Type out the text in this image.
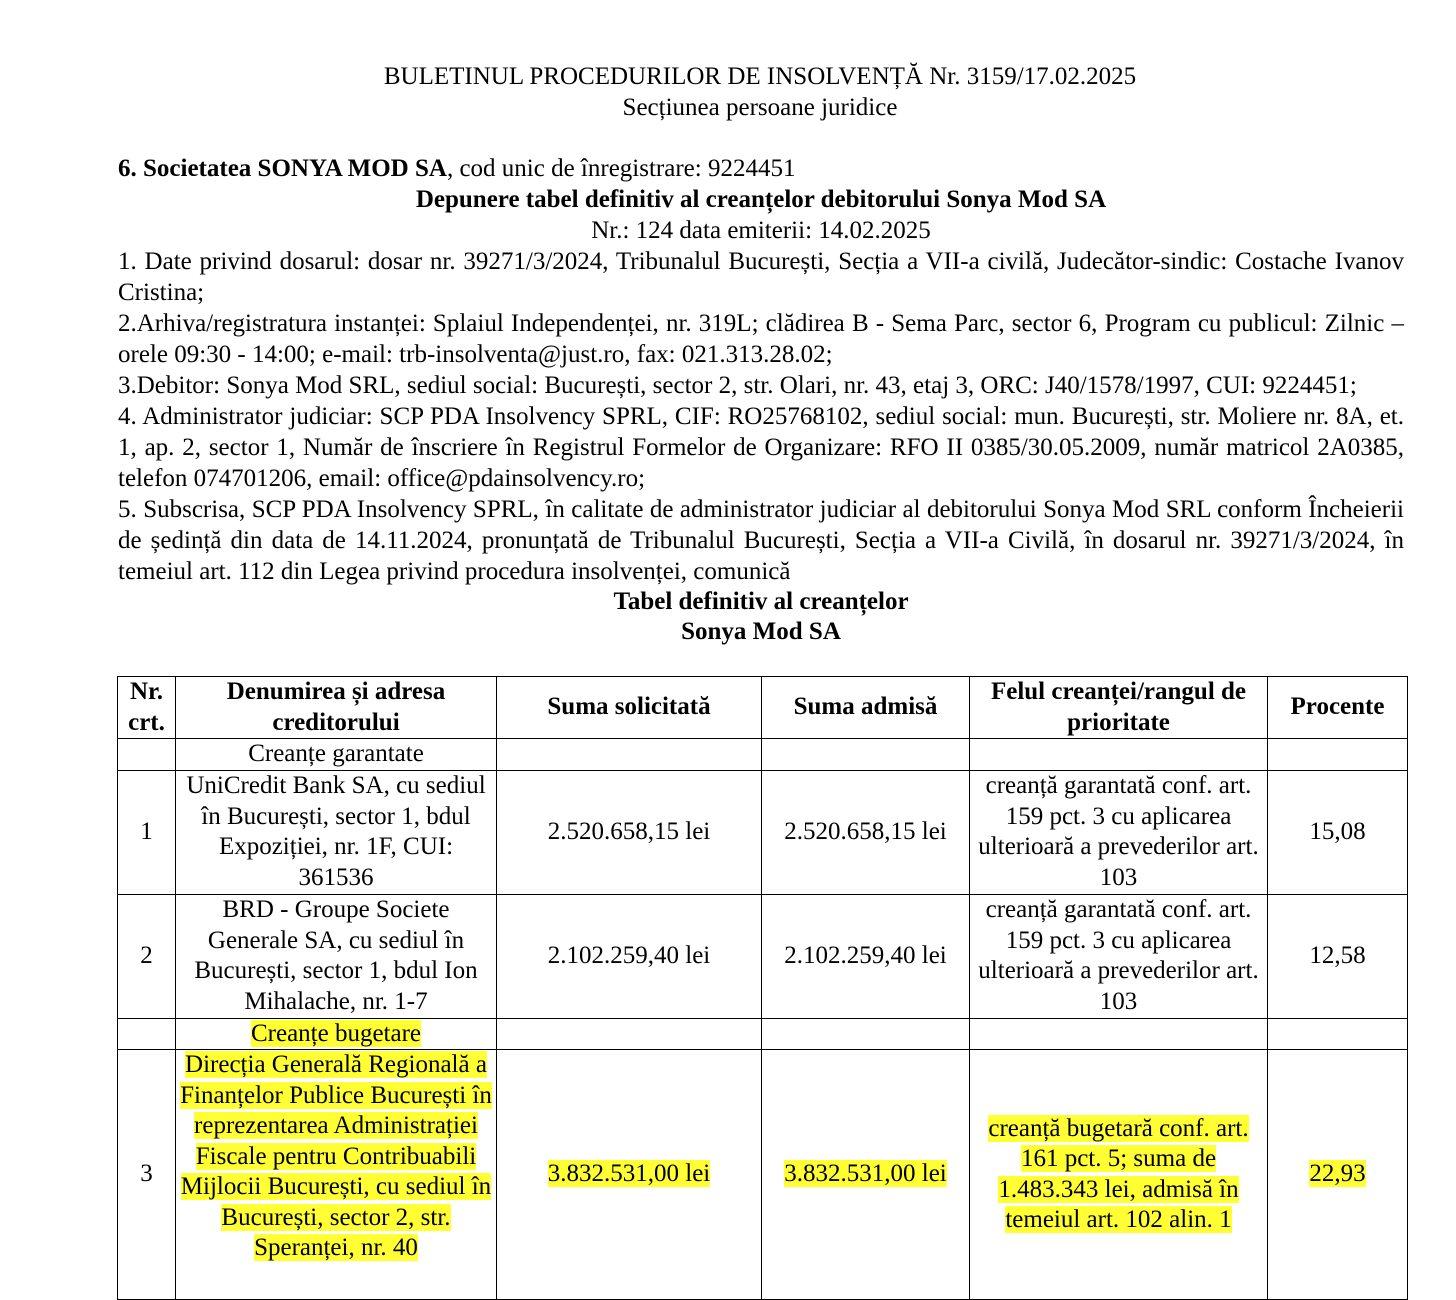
BULETINUL PROCEDURILOR DE INSOLVENȚĂ Nr. 3159/17.02.2025
Secțiunea persoane juridice

6. Societatea SONYA MOD SA, cod unic de înregistrare: 9224451

Depunere tabel definitiv al creanțelor debitorului Sonya Mod SA

Nr.: 124 data emiterii: 14.02.2025

1. Date privind dosarul: dosar nr. 39271/3/2024, Tribunalul București, Secția a VII-a civilă, Judecător-sindic: Costache Ivanov Cristina;

2.Arhiva/registratura instanței: Splaiul Independenței, nr. 319L; clădirea B - Sema Parc, sector 6, Program cu publicul: Zilnic – orele 09:30 - 14:00; e-mail: trb-insolventa@just.ro, fax: 021.313.28.02;

3.Debitor: Sonya Mod SRL, sediul social: București, sector 2, str. Olari, nr. 43, etaj 3, ORC: J40/1578/1997, CUI: 9224451;

4. Administrator judiciar: SCP PDA Insolvency SPRL, CIF: RO25768102, sediul social: mun. București, str. Moliere nr. 8A, et. 1, ap. 2, sector 1, Număr de înscriere în Registrul Formelor de Organizare: RFO II 0385/30.05.2009, număr matricol 2A0385, telefon 074701206, email: office@pdainsolvency.ro;

5. Subscrisa, SCP PDA Insolvency SPRL, în calitate de administrator judiciar al debitorului Sonya Mod SRL conform Încheierii de ședință din data de 14.11.2024, pronunțată de Tribunalul București, Secția a VII-a Civilă, în dosarul nr. 39271/3/2024, în temeiul art. 112 din Legea privind procedura insolvenței, comunică

Tabel definitiv al creanțelor

Sonya Mod SA

Nr. crt.	Denumirea și adresa creditorului	Suma solicitată	Suma admisă	Felul creanței/rangul de prioritate	Procente
	Creanțe garantate				
1	UniCredit Bank SA, cu sediul în București, sector 1, bdul Expoziției, nr. 1F, CUI: 361536	2.520.658,15 lei	2.520.658,15 lei	creanță garantată conf. art. 159 pct. 3 cu aplicarea ulterioară a prevederilor art. 103	15,08
2	BRD - Groupe Societe Generale SA, cu sediul în București, sector 1, bdul Ion Mihalache, nr. 1-7	2.102.259,40 lei	2.102.259,40 lei	creanță garantată conf. art. 159 pct. 3 cu aplicarea ulterioară a prevederilor art. 103	12,58
	Creanțe bugetare				
3	Direcția Generală Regională a Finanțelor Publice București în reprezentarea Administrației Fiscale pentru Contribuabili Mijlocii București, cu sediul în București, sector 2, str. Speranței, nr. 40	3.832.531,00 lei	3.832.531,00 lei	creanță bugetară conf. art. 161 pct. 5; suma de 1.483.343 lei, admisă în temeiul art. 102 alin. 1	22,93
